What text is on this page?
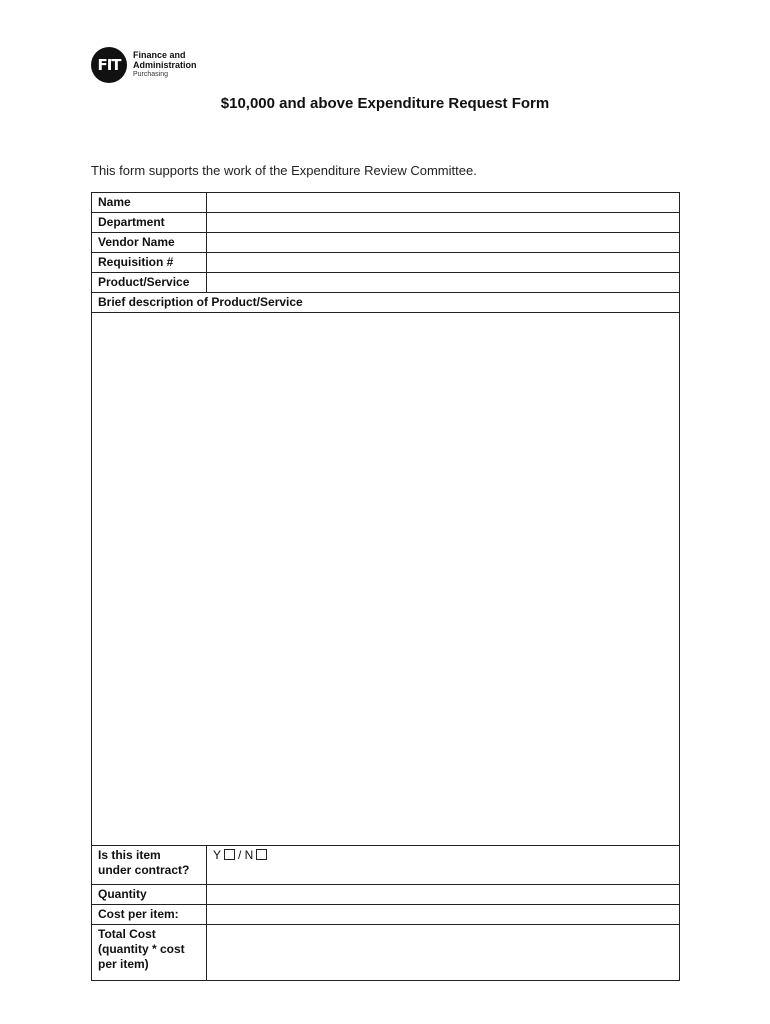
FIT
Finance and
Administration
Purchasing
$10,000 and above Expenditure Request Form
This form supports the work of the Expenditure Review Committee.
Name	
Department	
Vendor Name	
Requisition #	
Product/Service	
Brief description of Product/Service	

Is this item
under contract?	Y / N
Quantity	
Cost per item:	
Total Cost
(quantity * cost
per item)	
